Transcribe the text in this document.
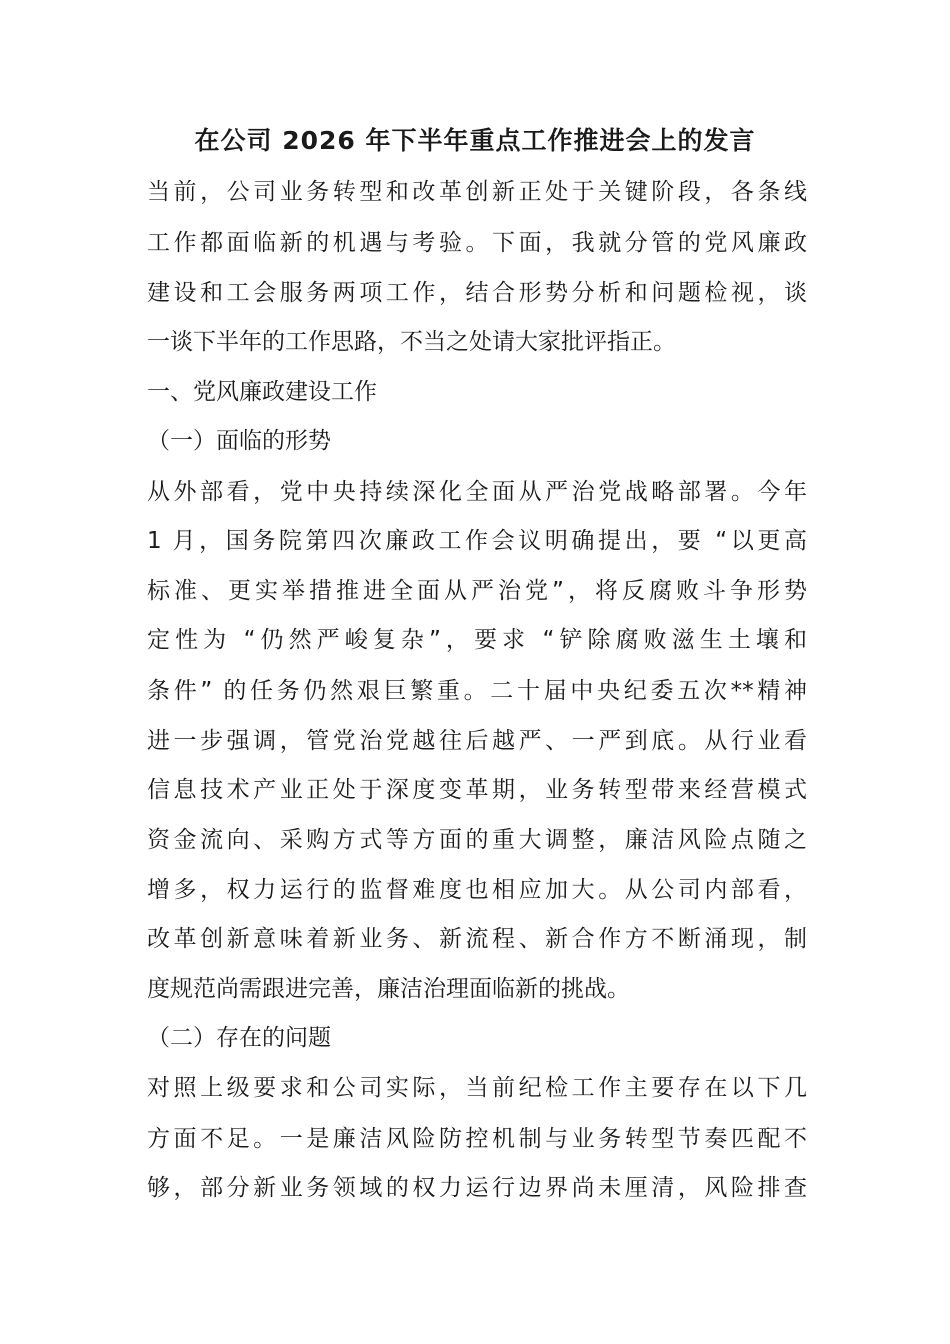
在公司 2026 年下半年重点工作推进会上的发言
当前，公司业务转型和改革创新正处于关键阶段，各条线
工作都面临新的机遇与考验。下面，我就分管的党风廉政
建设和工会服务两项工作，结合形势分析和问题检视，谈
一谈下半年的工作思路，不当之处请大家批评指正。
一、党风廉政建设工作
（一）面临的形势
从外部看，党中央持续深化全面从严治党战略部署。今年
1 月，国务院第四次廉政工作会议明确提出，要 “以更高
标准、更实举措推进全面从严治党”，将反腐败斗争形势
定性为 “仍然严峻复杂”，要求 “铲除腐败滋生土壤和
条件” 的任务仍然艰巨繁重。二十届中央纪委五次**精神
进一步强调，管党治党越往后越严、一严到底。从行业看
信息技术产业正处于深度变革期，业务转型带来经营模式
资金流向、采购方式等方面的重大调整，廉洁风险点随之
增多，权力运行的监督难度也相应加大。从公司内部看，
改革创新意味着新业务、新流程、新合作方不断涌现，制
度规范尚需跟进完善，廉洁治理面临新的挑战。
（二）存在的问题
对照上级要求和公司实际，当前纪检工作主要存在以下几
方面不足。一是廉洁风险防控机制与业务转型节奏匹配不
够，部分新业务领域的权力运行边界尚未厘清，风险排查
